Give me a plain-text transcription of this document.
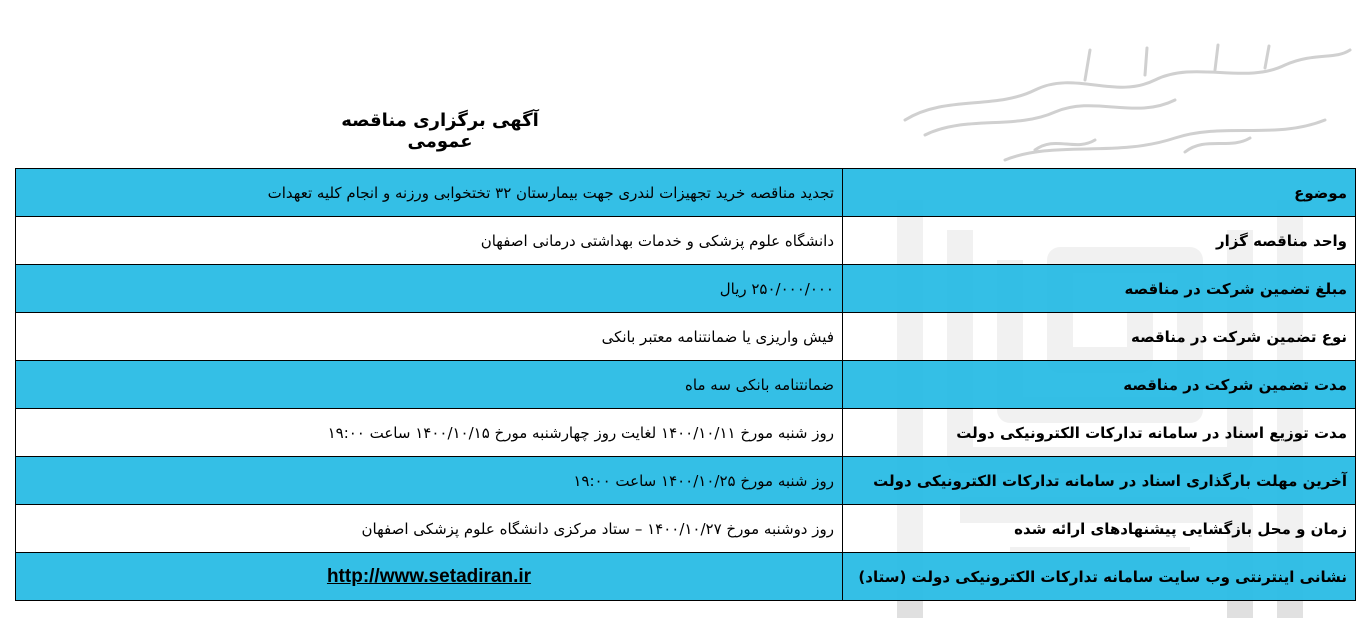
آگهی برگزاری مناقصه عمومی
موضوع	تجدید مناقصه خرید تجهیزات لندری جهت بیمارستان ۳۲ تختخوابی ورزنه و انجام کلیه تعهدات
واحد مناقصه گزار	دانشگاه علوم پزشکی و خدمات بهداشتی درمانی اصفهان
مبلغ تضمین شرکت در مناقصه	۲۵۰/۰۰۰/۰۰۰ ریال
نوع تضمین شرکت در مناقصه	فیش واریزی یا ضمانتنامه معتبر بانکی
مدت تضمین شرکت در مناقصه	ضمانتنامه بانکی سه ماه
مدت توزیع اسناد در سامانه تدارکات الکترونیکی دولت	روز شنبه مورخ ۱۴۰۰/۱۰/۱۱ لغایت روز چهارشنبه مورخ ۱۴۰۰/۱۰/۱۵ ساعت ۱۹:۰۰
آخرین مهلت بارگذاری اسناد در سامانه تدارکات الکترونیکی دولت	روز شنبه مورخ ۱۴۰۰/۱۰/۲۵ ساعت ۱۹:۰۰
زمان و محل بازگشایی پیشنهادهای ارائه شده	روز دوشنبه مورخ ۱۴۰۰/۱۰/۲۷ – ستاد مرکزی دانشگاه علوم پزشکی اصفهان
نشانی اینترنتی وب سایت سامانه تدارکات الکترونیکی دولت (ستاد)	http://www.setadiran.ir
